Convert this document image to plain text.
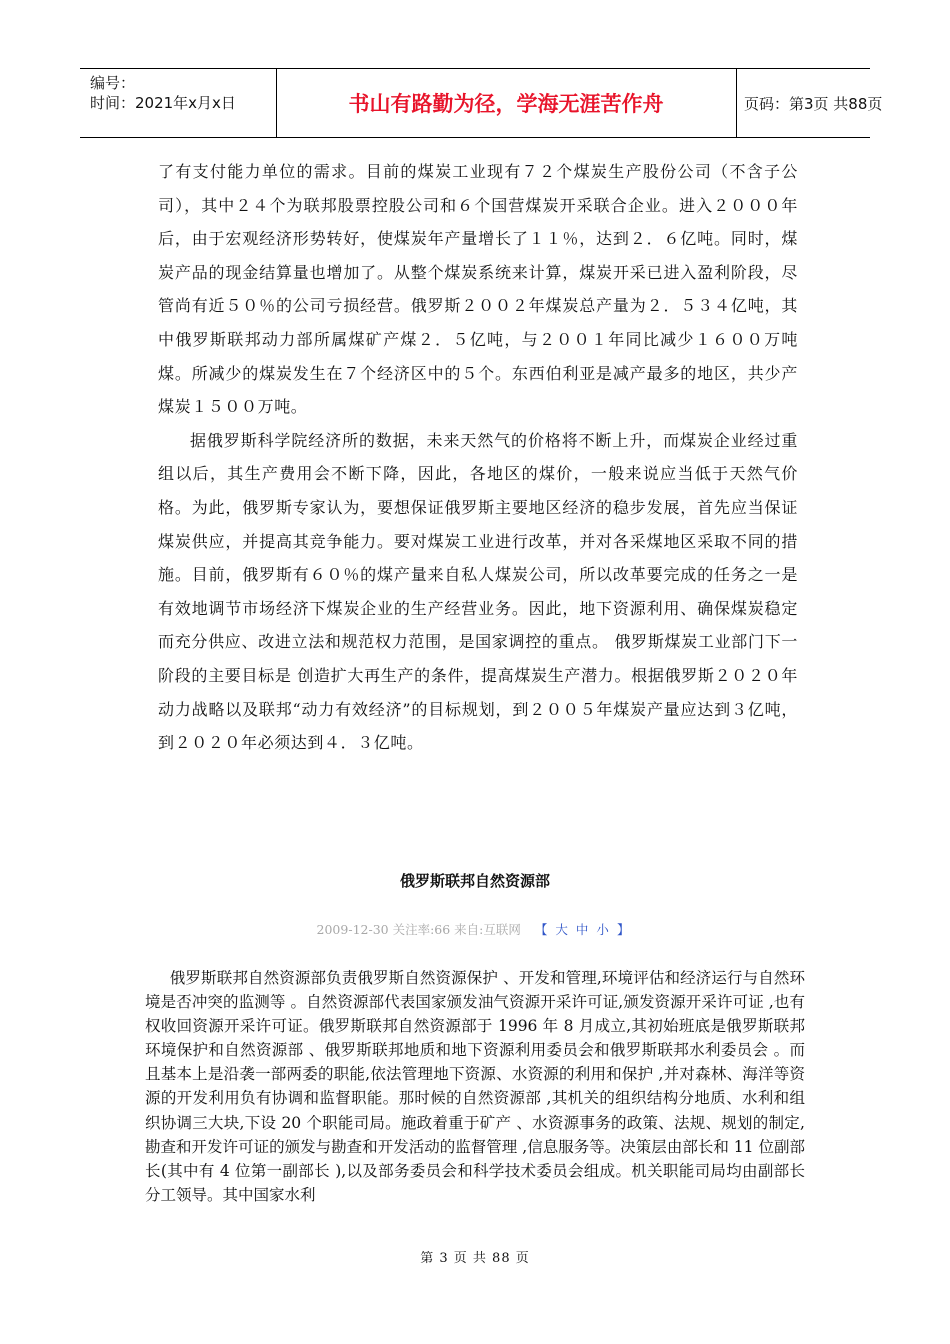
编号：
时间：2021年x月x日	书山有路勤为径，学海无涯苦作舟	页码：第3页 共88页

了有支付能力单位的需求。目前的煤炭工业现有７２个煤炭生产股份公司（不含子公司），其中２４个为联邦股票控股公司和６个国营煤炭开采联合企业。进入２０００年后，由于宏观经济形势转好，使煤炭年产量增长了１１％，达到２．６亿吨。同时，煤炭产品的现金结算量也增加了。从整个煤炭系统来计算，煤炭开采已进入盈利阶段，尽管尚有近５０％的公司亏损经营。俄罗斯２００２年煤炭总产量为２．５３４亿吨，其中俄罗斯联邦动力部所属煤矿产煤２．５亿吨，与２００１年同比减少１６００万吨煤。所减少的煤炭发生在７个经济区中的５个。东西伯利亚是减产最多的地区，共少产煤炭１５００万吨。

据俄罗斯科学院经济所的数据，未来天然气的价格将不断上升，而煤炭企业经过重组以后，其生产费用会不断下降，因此，各地区的煤价，一般来说应当低于天然气价格。为此，俄罗斯专家认为，要想保证俄罗斯主要地区经济的稳步发展，首先应当保证煤炭供应，并提高其竞争能力。要对煤炭工业进行改革，并对各采煤地区采取不同的措施。目前，俄罗斯有６０％的煤产量来自私人煤炭公司，所以改革要完成的任务之一是有效地调节市场经济下煤炭企业的生产经营业务。因此，地下资源利用、确保煤炭稳定而充分供应、改进立法和规范权力范围，是国家调控的重点。 俄罗斯煤炭工业部门下一阶段的主要目标是 创造扩大再生产的条件，提高煤炭生产潜力。根据俄罗斯２０２０年动力战略以及联邦“动力有效经济”的目标规划，到２００５年煤炭产量应达到３亿吨，到２０２０年必须达到４．３亿吨。

俄罗斯联邦自然资源部
2009-12-30 关注率:66 来自:互联网 【 大 中 小 】

俄罗斯联邦自然资源部负责俄罗斯自然资源保护 、开发和管理,环境评估和经济运行与自然环境是否冲突的监测等 。自然资源部代表国家颁发油气资源开采许可证,颁发资源开采许可证 ,也有权收回资源开采许可证。俄罗斯联邦自然资源部于 1996 年 8 月成立,其初始班底是俄罗斯联邦环境保护和自然资源部 、俄罗斯联邦地质和地下资源利用委员会和俄罗斯联邦水利委员会 。而且基本上是沿袭一部两委的职能,依法管理地下资源、水资源的利用和保护 ,并对森林、海洋等资源的开发利用负有协调和监督职能。那时候的自然资源部 ,其机关的组织结构分地质、水利和组织协调三大块,下设 20 个职能司局。施政着重于矿产 、水资源事务的政策、法规、规划的制定,勘查和开发许可证的颁发与勘查和开发活动的监督管理 ,信息服务等。决策层由部长和 11 位副部长(其中有 4 位第一副部长 ),以及部务委员会和科学技术委员会组成。机关职能司局均由副部长分工领导。其中国家水利

第 3 页 共 88 页
